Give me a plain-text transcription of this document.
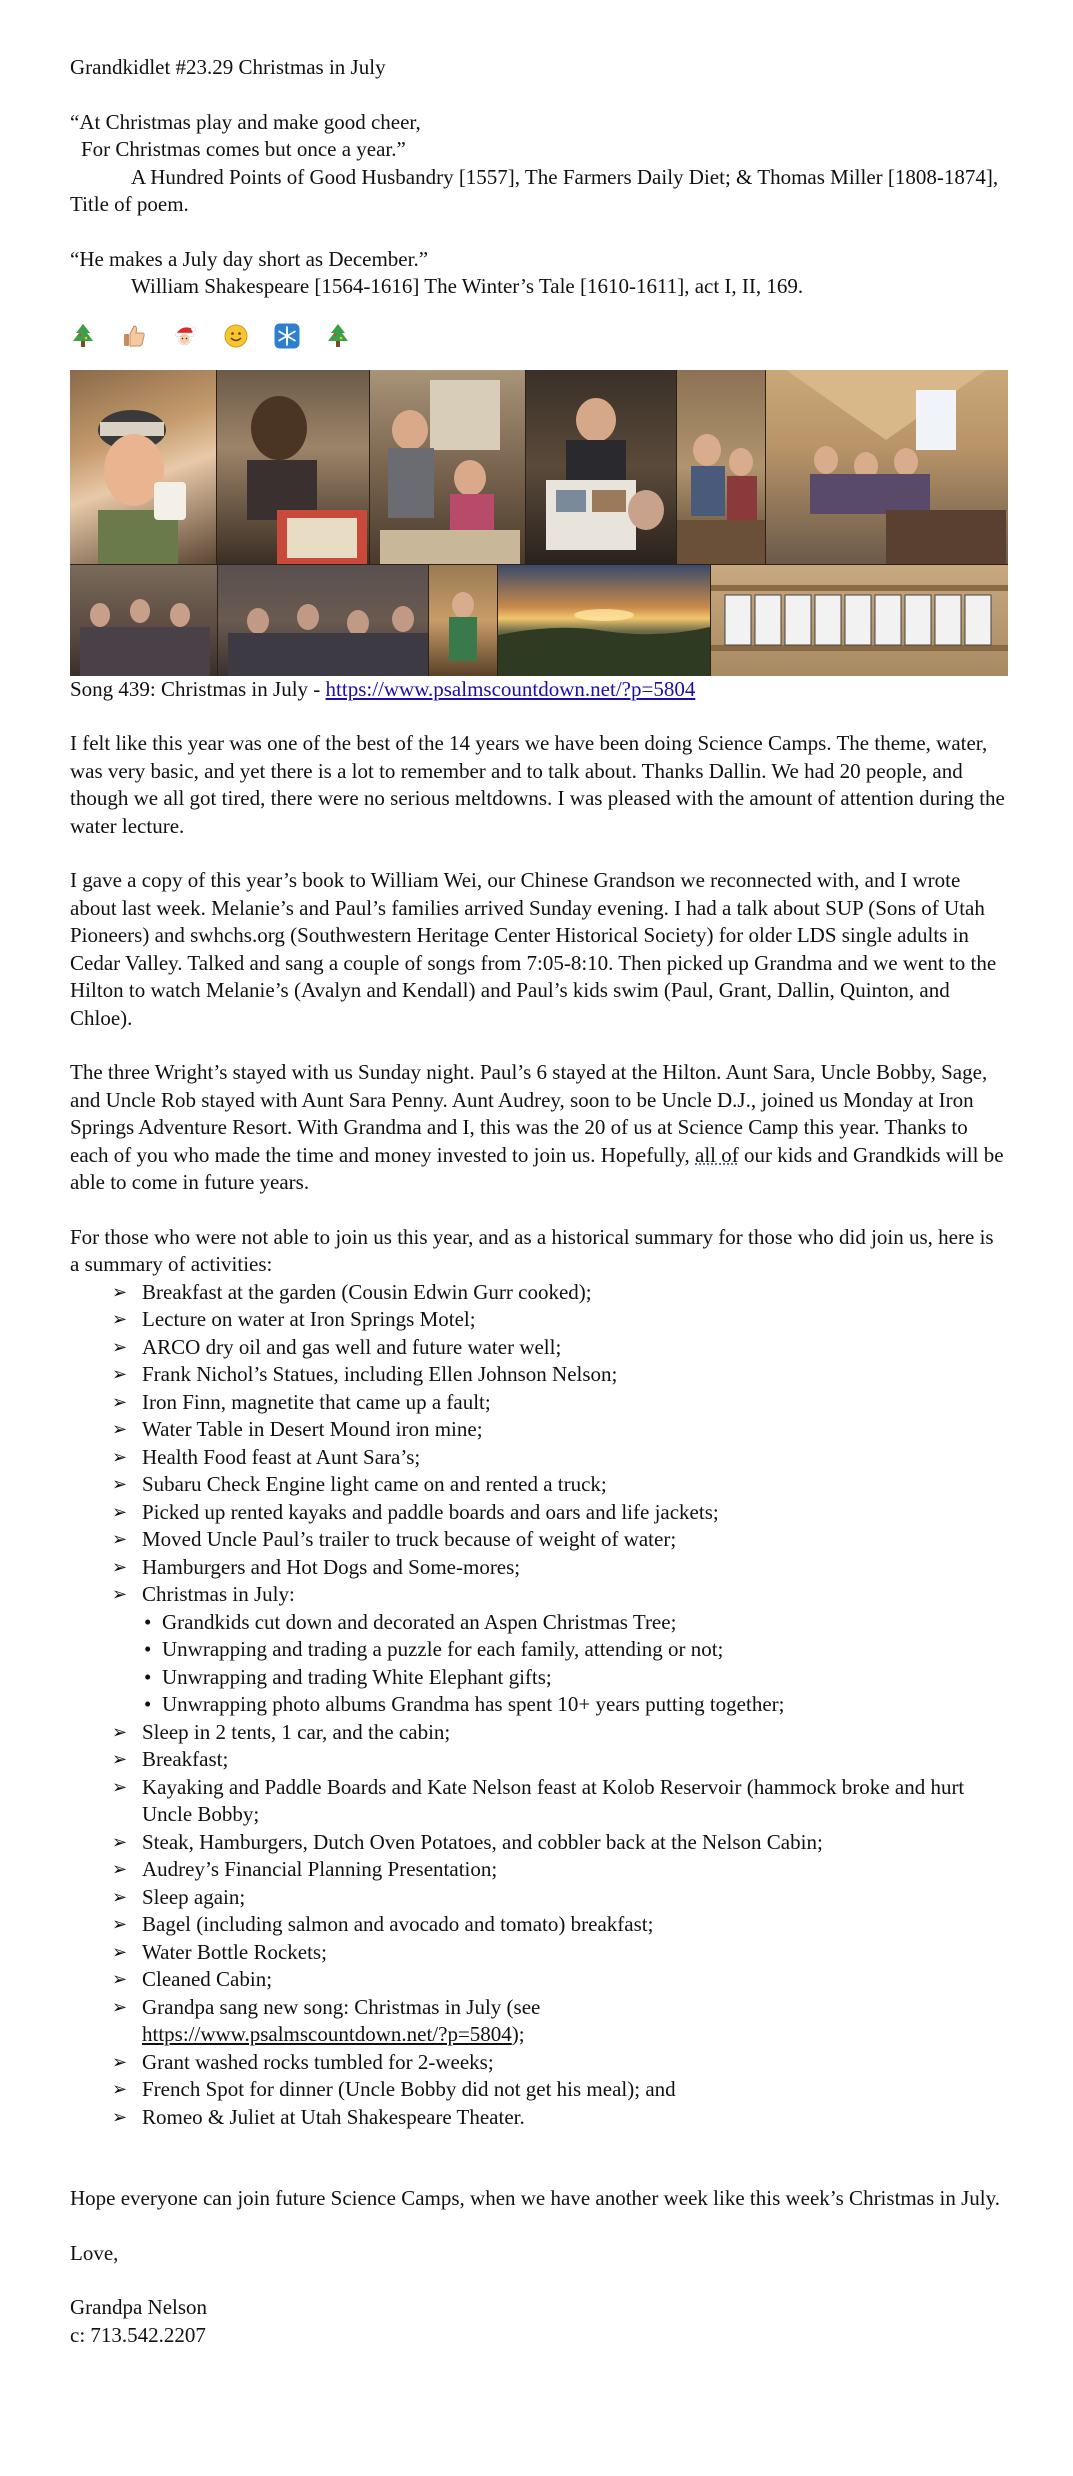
Grandkidlet #23.29 Christmas in July

“At Christmas play and make good cheer,

For Christmas comes but once a year.”

A Hundred Points of Good Husbandry [1557], The Farmers Daily Diet; & Thomas Miller [1808-1874], Title of poem.

“He makes a July day short as December.”

William Shakespeare [1564-1616] The Winter’s Tale [1610-1611], act I, II, 169.

Song 439: Christmas in July - https://www.psalmscountdown.net/?p=5804

I felt like this year was one of the best of the 14 years we have been doing Science Camps. The theme, water, was very basic, and yet there is a lot to remember and to talk about. Thanks Dallin. We had 20 people, and though we all got tired, there were no serious meltdowns. I was pleased with the amount of attention during the water lecture.

I gave a copy of this year’s book to William Wei, our Chinese Grandson we reconnected with, and I wrote about last week. Melanie’s and Paul’s families arrived Sunday evening. I had a talk about SUP (Sons of Utah Pioneers) and swhchs.org (Southwestern Heritage Center Historical Society) for older LDS single adults in Cedar Valley. Talked and sang a couple of songs from 7:05-8:10. Then picked up Grandma and we went to the Hilton to watch Melanie’s (Avalyn and Kendall) and Paul’s kids swim (Paul, Grant, Dallin, Quinton, and Chloe).

The three Wright’s stayed with us Sunday night. Paul’s 6 stayed at the Hilton. Aunt Sara, Uncle Bobby, Sage, and Uncle Rob stayed with Aunt Sara Penny. Aunt Audrey, soon to be Uncle D.J., joined us Monday at Iron Springs Adventure Resort. With Grandma and I, this was the 20 of us at Science Camp this year. Thanks to each of you who made the time and money invested to join us. Hopefully, all of our kids and Grandkids will be able to come in future years.

For those who were not able to join us this year, and as a historical summary for those who did join us, here is a summary of activities:

➢ Breakfast at the garden (Cousin Edwin Gurr cooked);
➢ Lecture on water at Iron Springs Motel;
➢ ARCO dry oil and gas well and future water well;
➢ Frank Nichol’s Statues, including Ellen Johnson Nelson;
➢ Iron Finn, magnetite that came up a fault;
➢ Water Table in Desert Mound iron mine;
➢ Health Food feast at Aunt Sara’s;
➢ Subaru Check Engine light came on and rented a truck;
➢ Picked up rented kayaks and paddle boards and oars and life jackets;
➢ Moved Uncle Paul’s trailer to truck because of weight of water;
➢ Hamburgers and Hot Dogs and Some-mores;
➢ Christmas in July:
• Grandkids cut down and decorated an Aspen Christmas Tree;
• Unwrapping and trading a puzzle for each family, attending or not;
• Unwrapping and trading White Elephant gifts;
• Unwrapping photo albums Grandma has spent 10+ years putting together;
➢ Sleep in 2 tents, 1 car, and the cabin;
➢ Breakfast;
➢ Kayaking and Paddle Boards and Kate Nelson feast at Kolob Reservoir (hammock broke and hurt Uncle Bobby;
➢ Steak, Hamburgers, Dutch Oven Potatoes, and cobbler back at the Nelson Cabin;
➢ Audrey’s Financial Planning Presentation;
➢ Sleep again;
➢ Bagel (including salmon and avocado and tomato) breakfast;
➢ Water Bottle Rockets;
➢ Cleaned Cabin;
➢ Grandpa sang new song: Christmas in July (see
https://www.psalmscountdown.net/?p=5804);
➢ Grant washed rocks tumbled for 2-weeks;
➢ French Spot for dinner (Uncle Bobby did not get his meal); and
➢ Romeo & Juliet at Utah Shakespeare Theater.

Hope everyone can join future Science Camps, when we have another week like this week’s Christmas in July.

Love,

Grandpa Nelson

c: 713.542.2207
